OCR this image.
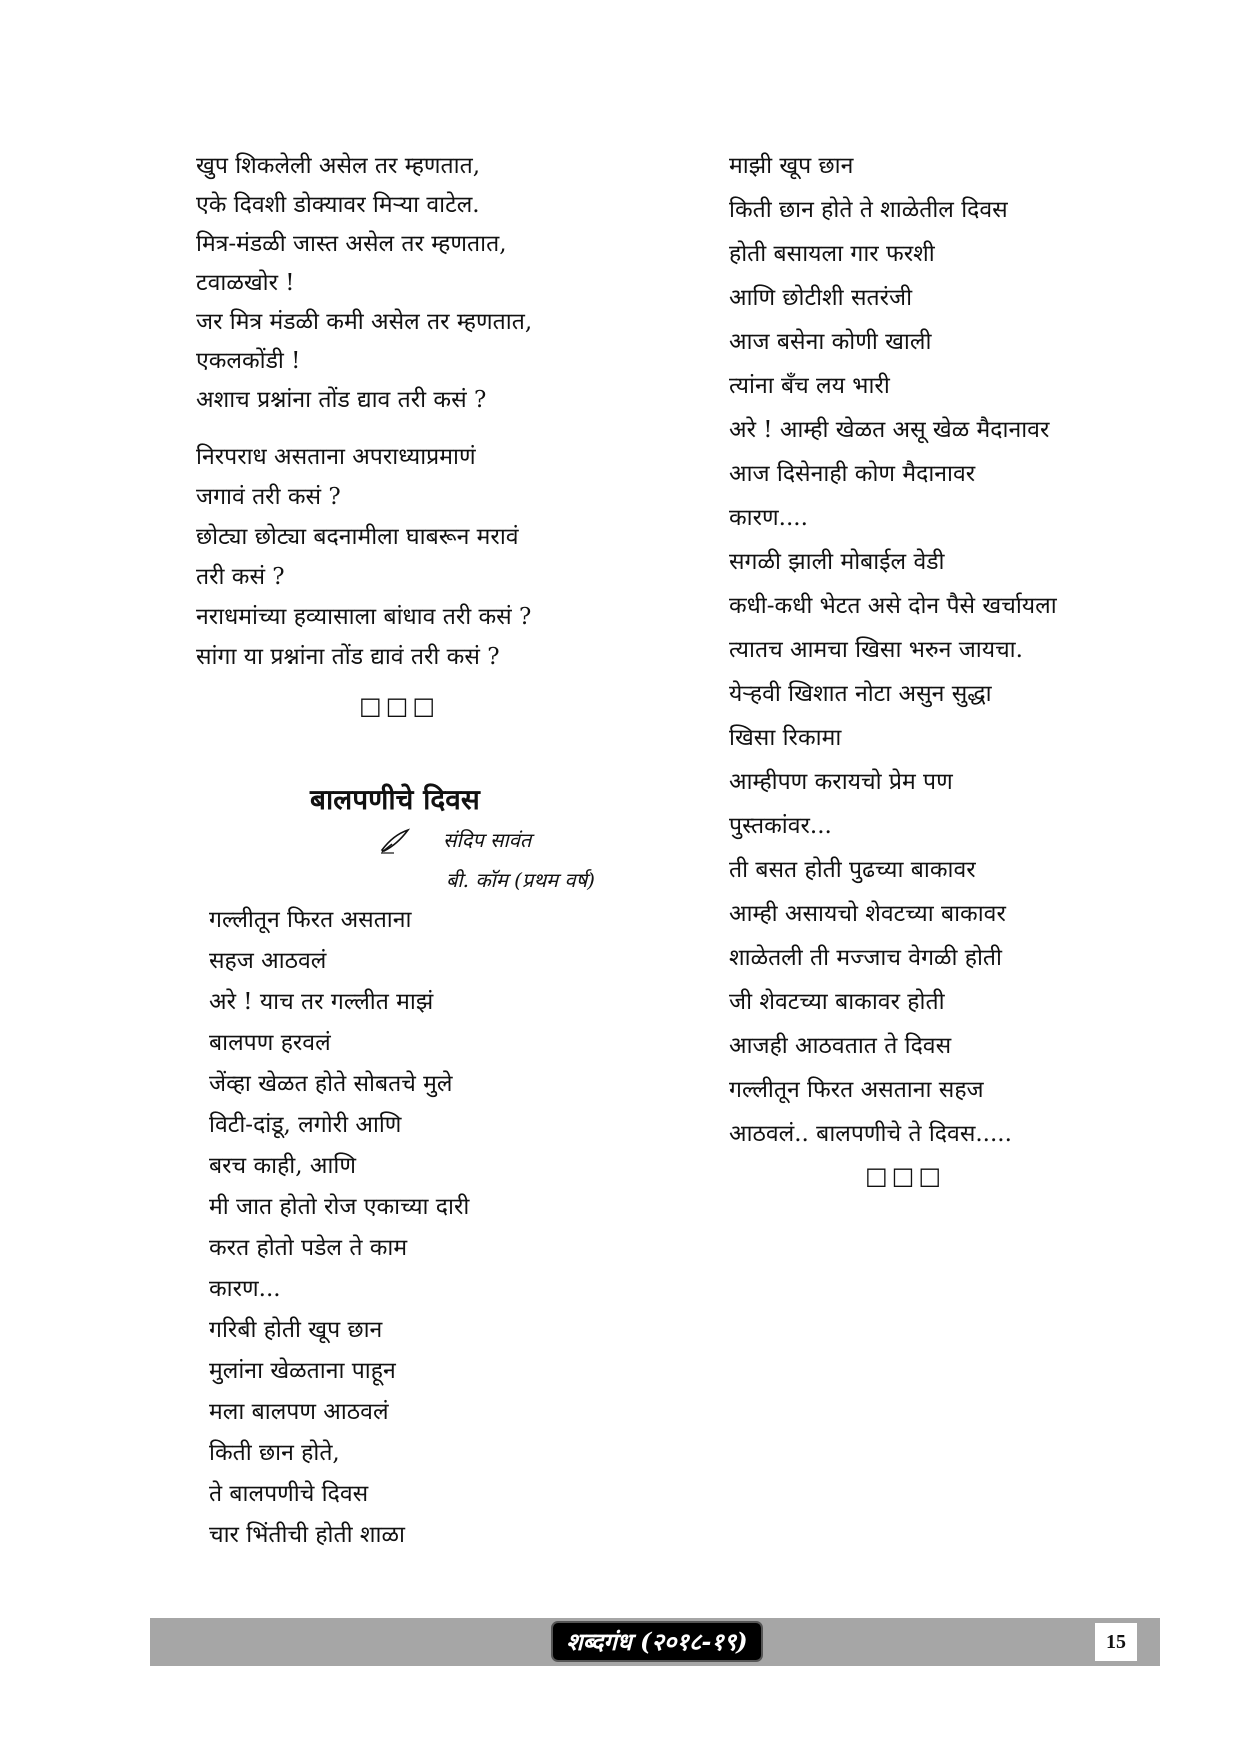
खुप शिकलेली असेल तर म्हणतात,
एके दिवशी डोक्यावर मिऱ्या वाटेल.
मित्र-मंडळी जास्त असेल तर म्हणतात,
टवाळखोर !
जर मित्र मंडळी कमी असेल तर म्हणतात,
एकलकोंडी !
अशाच प्रश्नांना तोंड द्याव तरी कसं ?
निरपराध असताना अपराध्याप्रमाणं
जगावं तरी कसं ?
छोट्या छोट्या बदनामीला घाबरून मरावं
तरी कसं ?
नराधमांच्या हव्यासाला बांधाव तरी कसं ?
सांगा या प्रश्नांना तोंड द्यावं तरी कसं ?
□□□
बालपणीचे दिवस
संदिप सावंत
बी. कॉम (प्रथम वर्ष)
गल्लीतून फिरत असताना
सहज आठवलं
अरे ! याच तर गल्लीत माझं
बालपण हरवलं
जेंव्हा खेळत होते सोबतचे मुले
विटी-दांडू, लगोरी आणि
बरच काही, आणि
मी जात होतो रोज एकाच्या दारी
करत होतो पडेल ते काम
कारण...
गरिबी होती खूप छान
मुलांना खेळताना पाहून
मला बालपण आठवलं
किती छान होते,
ते बालपणीचे दिवस
चार भिंतीची होती शाळा
माझी खूप छान
किती छान होते ते शाळेतील दिवस
होती बसायला गार फरशी
आणि छोटीशी सतरंजी
आज बसेना कोणी खाली
त्यांना बँच लय भारी
अरे ! आम्ही खेळत असू खेळ मैदानावर
आज दिसेनाही कोण मैदानावर
कारण....
सगळी झाली मोबाईल वेडी
कधी-कधी भेटत असे दोन पैसे खर्चायला
त्यातच आमचा खिसा भरुन जायचा.
येऱ्हवी खिशात नोटा असुन सुद्धा
खिसा रिकामा
आम्हीपण करायचो प्रेम पण
पुस्तकांवर...
ती बसत होती पुढच्या बाकावर
आम्ही असायचो शेवटच्या बाकावर
शाळेतली ती मज्जाच वेगळी होती
जी शेवटच्या बाकावर होती
आजही आठवतात ते दिवस
गल्लीतून फिरत असताना सहज
आठवलं.. बालपणीचे ते दिवस.....
□□□
शब्दगंध (२०१८-१९)	15
